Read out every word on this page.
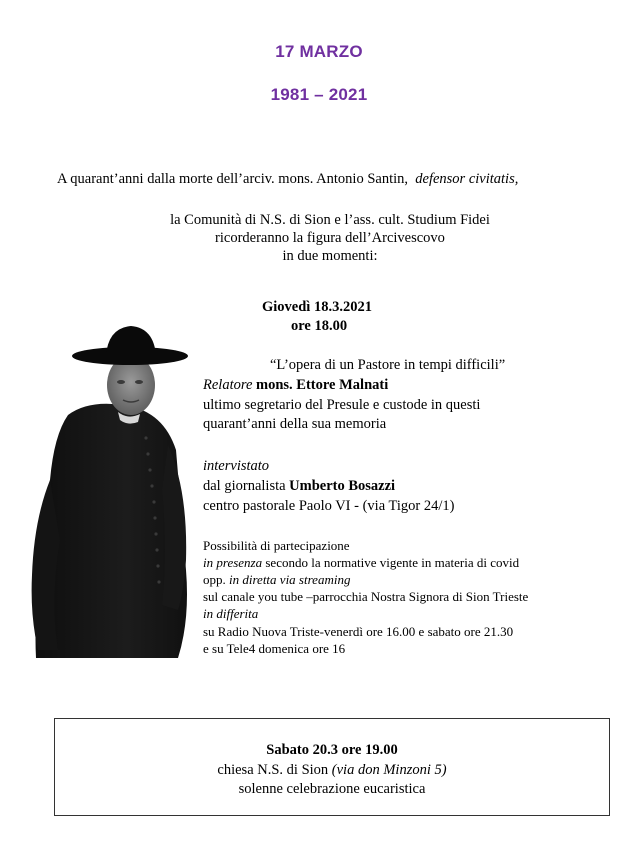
17 MARZO
1981 – 2021
A quarant’anni dalla morte dell’arciv. mons. Antonio Santin, defensor civitatis,
la Comunità di N.S. di Sion e l’ass. cult. Studium Fidei
ricorderanno la figura dell’Arcivescovo
in due momenti:
Giovedì 18.3.2021
ore 18.00
“L’opera di un Pastore in tempi difficili”
Relatore mons. Ettore Malnati
ultimo segretario del Presule e custode in questi
quarant’anni della sua memoria
intervistato
dal giornalista Umberto Bosazzi
centro pastorale Paolo VI - (via Tigor 24/1)
Possibilità di partecipazione
in presenza secondo la normative vigente in materia di covid
opp. in diretta via streaming
sul canale you tube –parrocchia Nostra Signora di Sion Trieste
in differita
su Radio Nuova Triste-venerdì ore 16.00 e sabato ore 21.30
e su Tele4 domenica ore 16
Sabato 20.3 ore 19.00
chiesa N.S. di Sion (via don Minzoni 5)
solenne celebrazione eucaristica
